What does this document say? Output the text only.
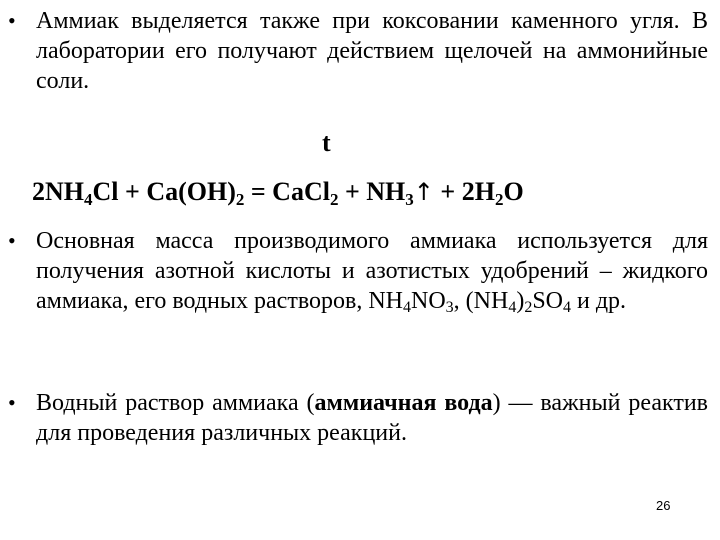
• Аммиак выделяется также при коксовании каменного угля. В лаборатории его получают действием щелочей на аммонийные соли.
t
$2NH_4Cl + Ca(OH)_2$ = CaCl$_2$ + $NH_3↑ + 2H_2O$
• Основная масса производимого аммиака используется для получения азотной кислоты и азотистых удобрений – жидкого аммиака, его водных растворов, $NH_4NO_3$, $(NH_4)_2SO_4$ и др.
• Водный раствор аммиака (аммиачная вода) — важный реактив для проведения различных реакций.
26
